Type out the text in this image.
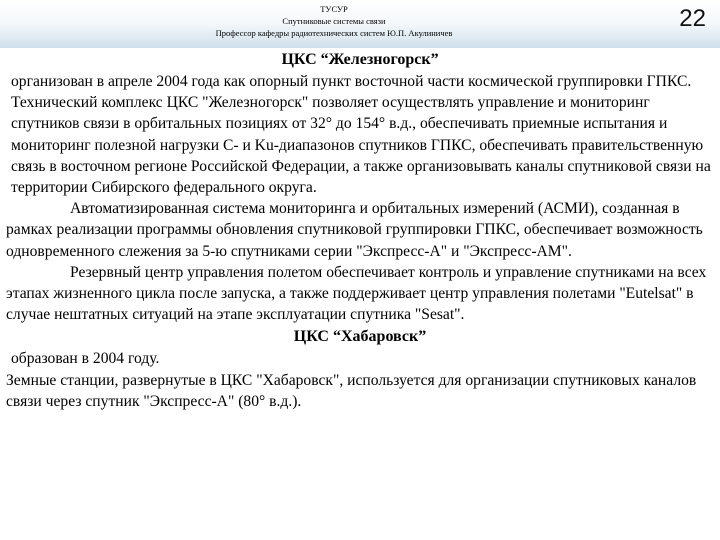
ТУСУР
Спутниковые системы связи
Профессор кафедры радиотехнических систем Ю.П. Акулиничев
22
ЦКС “Железногорск”

организован в апреле 2004 года как опорный пункт восточной части космической группировки ГПКС. Технический комплекс ЦКС "Железногорск" позволяет осуществлять управление и мониторинг спутников связи в орбитальных позициях от 32° до 154° в.д., обеспечивать приемные испытания и мониторинг полезной нагрузки C- и Ku-диапазонов спутников ГПКС, обеспечивать правительственную связь в восточном регионе Российской Федерации, а также организовывать каналы спутниковой связи на территории Сибирского федерального округа.

Автоматизированная система мониторинга и орбитальных измерений (АСМИ), созданная в рамках реализации программы обновления спутниковой группировки ГПКС, обеспечивает возможность одновременного слежения за 5-ю спутниками серии "Экспресс-А" и "Экспресс-АМ".

Резервный центр управления полетом обеспечивает контроль и управление спутниками на всех этапах жизненного цикла после запуска, а также поддерживает центр управления полетами "Eutelsat" в случае нештатных ситуаций на этапе эксплуатации спутника "Sesat".

ЦКС “Хабаровск”

образован в 2004 году.

Земные станции, развернутые в ЦКС "Хабаровск", используется для организации спутниковых каналов связи через спутник "Экспресс-А" (80° в.д.).
